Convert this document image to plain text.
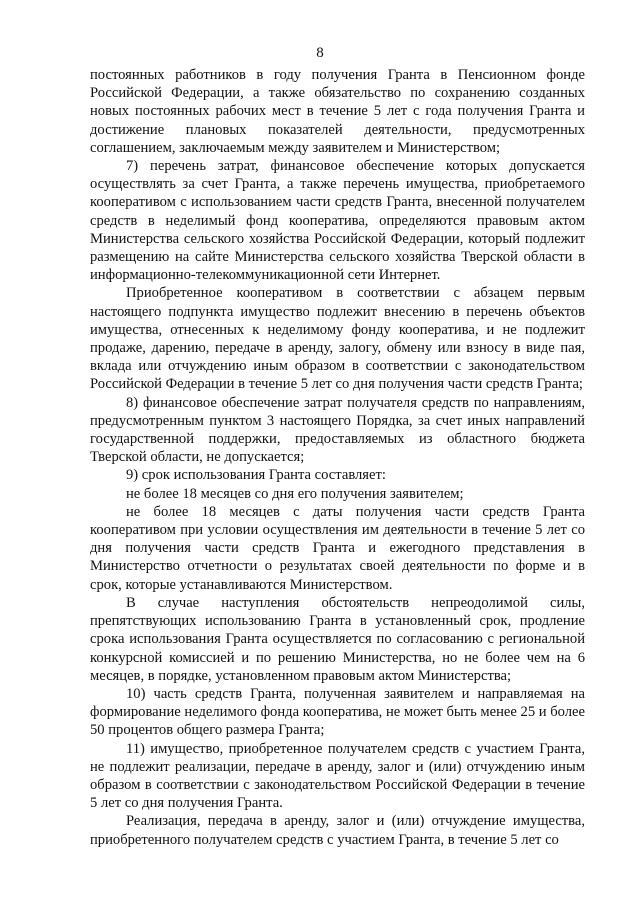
8

постоянных работников в году получения Гранта в Пенсионном фонде Российской Федерации, а также обязательство по сохранению созданных новых постоянных рабочих мест в течение 5 лет с года получения Гранта и достижение плановых показателей деятельности, предусмотренных соглашением, заключаемым между заявителем и Министерством;

7) перечень затрат, финансовое обеспечение которых допускается осуществлять за счет Гранта, а также перечень имущества, приобретаемого кооперативом с использованием части средств Гранта, внесенной получателем средств в неделимый фонд кооператива, определяются правовым актом Министерства сельского хозяйства Российской Федерации, который подлежит размещению на сайте Министерства сельского хозяйства Тверской области в информационно-телекоммуникационной сети Интернет.

Приобретенное кооперативом в соответствии с абзацем первым настоящего подпункта имущество подлежит внесению в перечень объектов имущества, отнесенных к неделимому фонду кооператива, и не подлежит продаже, дарению, передаче в аренду, залогу, обмену или взносу в виде пая, вклада или отчуждению иным образом в соответствии с законодательством Российской Федерации в течение 5 лет со дня получения части средств Гранта;

8) финансовое обеспечение затрат получателя средств по направлениям, предусмотренным пунктом 3 настоящего Порядка, за счет иных направлений государственной поддержки, предоставляемых из областного бюджета Тверской области, не допускается;

9) срок использования Гранта составляет:

не более 18 месяцев со дня его получения заявителем;

не более 18 месяцев с даты получения части средств Гранта кооперативом при условии осуществления им деятельности в течение 5 лет со дня получения части средств Гранта и ежегодного представления в Министерство отчетности о результатах своей деятельности по форме и в срок, которые устанавливаются Министерством.

В случае наступления обстоятельств непреодолимой силы, препятствующих использованию Гранта в установленный срок, продление срока использования Гранта осуществляется по согласованию с региональной конкурсной комиссией и по решению Министерства, но не более чем на 6 месяцев, в порядке, установленном правовым актом Министерства;

10) часть средств Гранта, полученная заявителем и направляемая на формирование неделимого фонда кооператива, не может быть менее 25 и более 50 процентов общего размера Гранта;

11) имущество, приобретенное получателем средств с участием Гранта, не подлежит реализации, передаче в аренду, залог и (или) отчуждению иным образом в соответствии с законодательством Российской Федерации в течение 5 лет со дня получения Гранта.

Реализация, передача в аренду, залог и (или) отчуждение имущества, приобретенного получателем средств с участием Гранта, в течение 5 лет со
